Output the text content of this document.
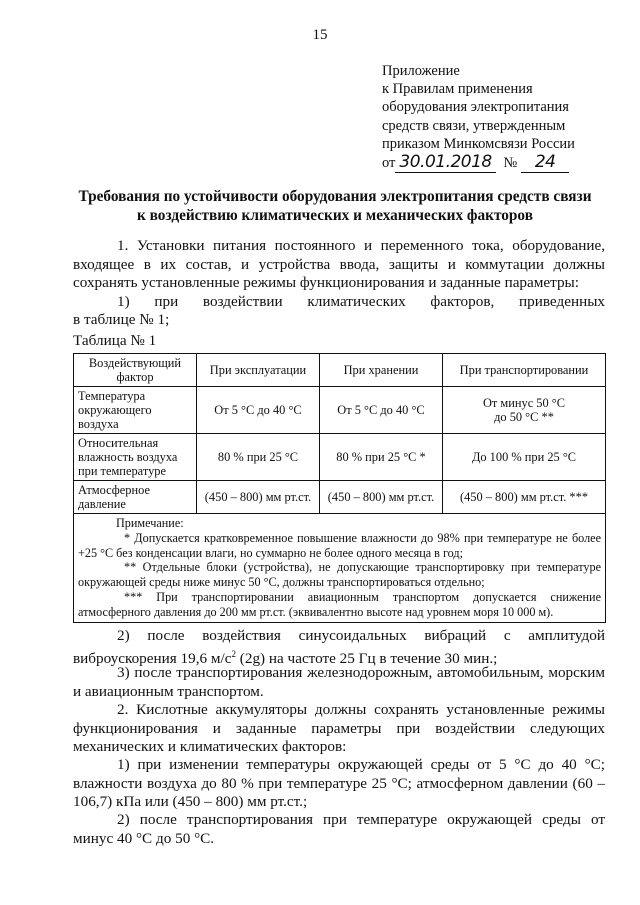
15
Приложение
к Правилам применения
оборудования электропитания
средств связи, утвержденным
приказом Минкомсвязи России
от 30.01.2018 № 24
Требования по устойчивости оборудования электропитания средств связи
к воздействию климатических и механических факторов
1. Установки питания постоянного и переменного тока, оборудование, входящее в их состав, и устройства ввода, защиты и коммутации должны сохранять установленные режимы функционирования и заданные параметры:
1) при воздействии климатических факторов, приведенных
в таблице № 1;
Таблица № 1
Воздействующий фактор	При эксплуатации	При хранении	При транспортировании
Температура окружающего воздуха	От 5 °С до 40 °С	От 5 °С до 40 °С	От минус 50 °С
до 50 °С **

Относительная влажность воздуха при температуре	80 % при 25 °С	80 % при 25 °С *	До 100 % при 25 °С
Атмосферное давление	(450 – 800) мм рт.ст.	(450 – 800) мм рт.ст.	(450 – 800) мм рт.ст. ***

Примечание:
* Допускается кратковременное повышение влажности до 98% при температуре не более +25 °С без конденсации влаги, но суммарно не более одного месяца в год;
** Отдельные блоки (устройства), не допускающие транспортировку при температуре окружающей среды ниже минус 50 °С, должны транспортироваться отдельно;
*** При транспортировании авиационным транспортом допускается снижение атмосферного давления до 200 мм рт.ст. (эквивалентно высоте над уровнем моря 10 000 м).			
2) после воздействия синусоидальных вибраций с амплитудой
виброускорения 19,6 $м/с^2$ (2g) на частоте 25 Гц в течение 30 мин.;
3) после транспортирования железнодорожным, автомобильным, морским и авиационным транспортом.
2. Кислотные аккумуляторы должны сохранять установленные режимы функционирования и заданные параметры при воздействии следующих механических и климатических факторов:
1) при изменении температуры окружающей среды от 5 °С до 40 °С; влажности воздуха до 80 % при температуре 25 °С; атмосферном давлении (60 – 106,7) кПа или (450 – 800) мм рт.ст.;
2) после транспортирования при температуре окружающей среды от минус 40 °С до 50 °С.
